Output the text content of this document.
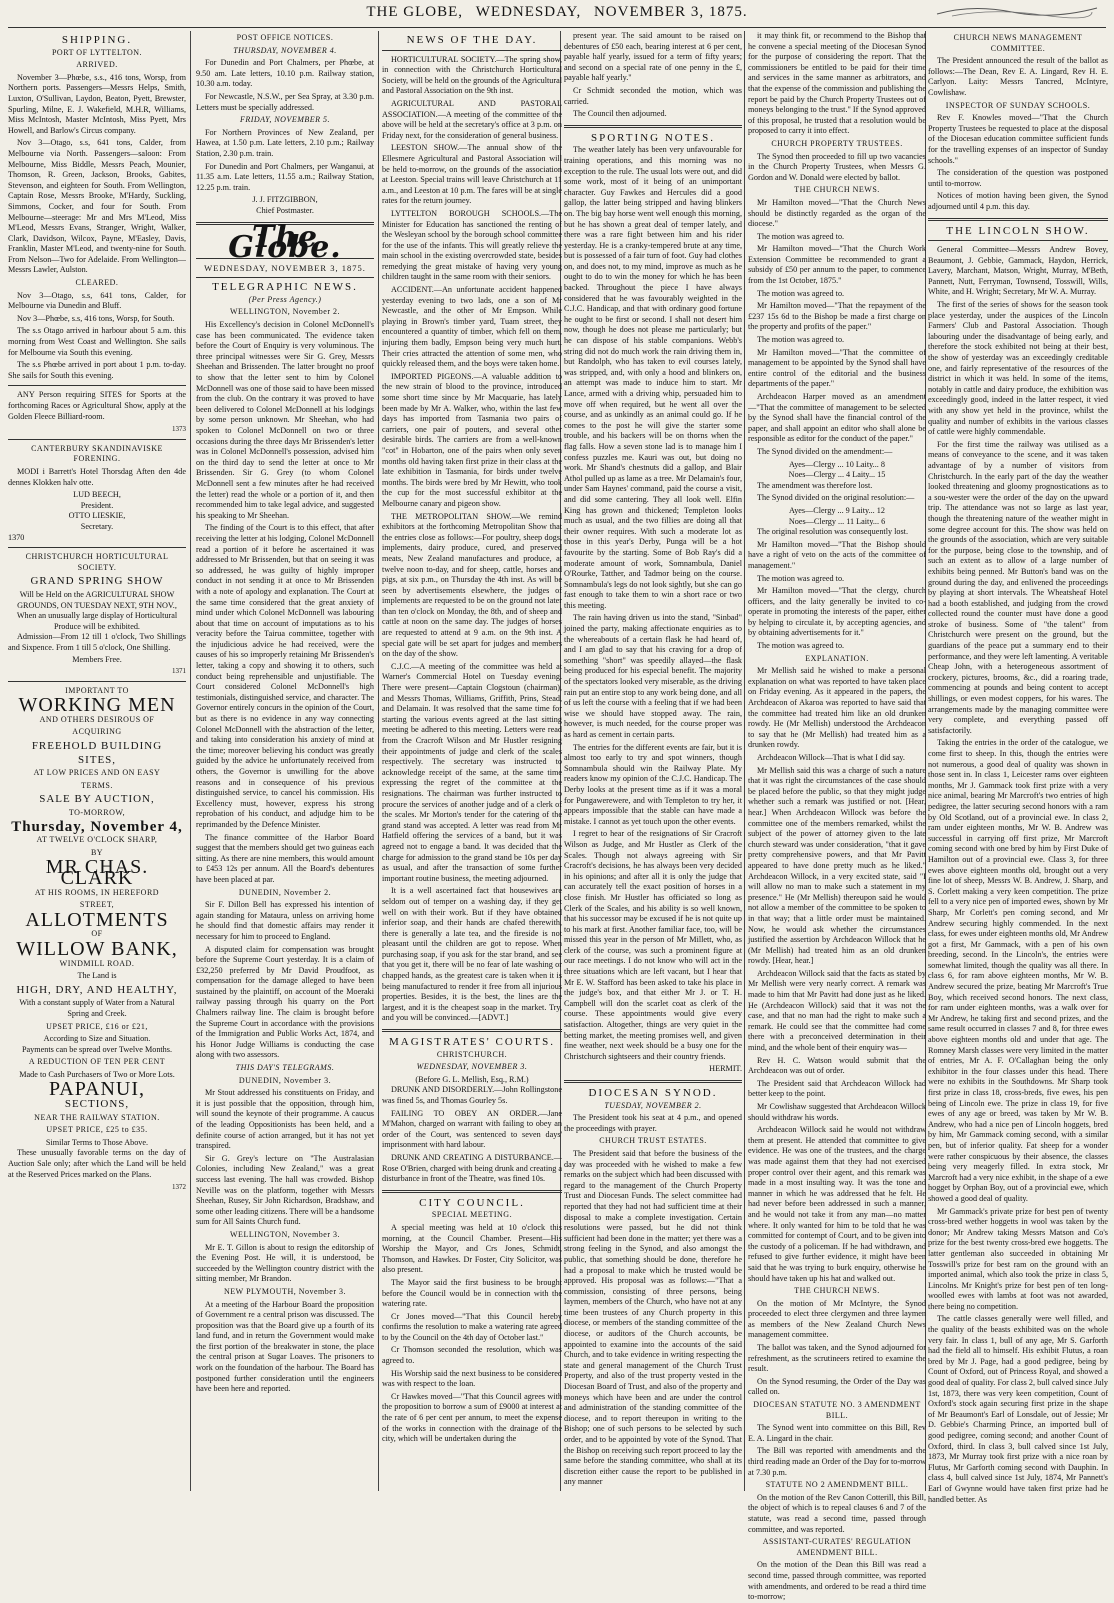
THE GLOBE, WEDNESDAY, NOVEMBER 3, 1875.
SHIPPING.
PORT OF LYTTELTON.
ARRIVED.

November 3—Phœbe, s.s., 416 tons, Worsp, from Northern ports. Passengers—Messrs Helps, Smith, Luxton, O'Sullivan, Laydon, Beaton, Pyett, Brewster, Spurling, Milne, E. J. Wakefield, M.H.R, Williams, Miss McIntosh, Master McIntosh, Miss Pyett, Mrs Howell, and Barlow's Circus company.

Nov 3—Otago, s.s, 641 tons, Calder, from Melbourne via North. Passengers—saloon: From Melbourne, Miss Biddle, Messrs Peach, Mounier, Thomson, R. Green, Jackson, Brooks, Gabites, Stevenson, and eighteen for South. From Wellington, Captain Rose, Messrs Brooke, M'Hardy, Suckling, Simmons, Cocker, and four for South. From Melbourne—steerage: Mr and Mrs M'Leod, Miss M'Leod, Messrs Evans, Stranger, Wright, Walker, Clark, Davidson, Wilcox, Payne, M'Easley, Davis, Franklin, Master M'Leod, and twenty-nine for South. From Nelson—Two for Adelaide. From Wellington—Messrs Lawler, Aulston.

CLEARED.

Nov 3—Otago, s.s, 641 tons, Calder, for Melbourne via Dunedin and Bluff.

Nov 3—Phœbe, s.s, 416 tons, Worsp, for South.

The s.s Otago arrived in harbour about 5 a.m. this morning from West Coast and Wellington. She sails for Melbourne via South this evening.

The s.s Phœbe arrived in port about 1 p.m. to-day. She sails for South this evening.

ANY Person requiring SITES for Sports at the forthcoming Races or Agricultural Show, apply at the Golden Fleece Billiard-room.

1373
CANTERBURY SKANDINAVISKE FORENING.

MODI i Barrett's Hotel Thorsdag Aften den 4de dennes Klokken halv otte.

LUD BEECH,
President.
OTTO LIESKIE,
Secretary.
1370
CHRISTCHURCH HORTICULTURAL SOCIETY.
GRAND SPRING SHOW
Will be Held on the AGRICULTURAL SHOW GROUNDS, ON TUESDAY NEXT, 9TH NOV.,
When an unusually large display of Horticultural Produce will be exhibited.

Admission—From 12 till 1 o'clock, Two Shillings and Sixpence. From 1 till 5 o'clock, One Shilling.

Members Free.
1371
IMPORTANT TO
WORKING MEN
AND OTHERS DESIROUS OF
ACQUIRING
FREEHOLD BUILDING
SITES,
AT LOW PRICES AND ON EASY
TERMS.
SALE BY AUCTION,
TO-MORROW,
Thursday, November 4,
AT TWELVE O'CLOCK SHARP,
BY
MR CHAS. CLARK
AT HIS ROOMS, IN HEREFORD
STREET,
ALLOTMENTS
OF
WILLOW BANK,
WINDMILL ROAD.
The Land is
HIGH, DRY, AND HEALTHY,
With a constant supply of Water from a Natural Spring and Creek.
UPSET PRICE, £16 or £21,
According to Size and Situation.
Payments can be spread over Twelve Months.
A REDUCTION OF TEN PER CENT
Made to Cash Purchasers of Two or More Lots.
PAPANUI,
SECTIONS,
NEAR THE RAILWAY STATION.
UPSET PRICE, £25 to £35.
Similar Terms to Those Above.

These unusually favorable terms on the day of Auction Sale only; after which the Land will be held at the Reserved Prices marked on the Plans.

1372
POST OFFICE NOTICES.
THURSDAY, NOVEMBER 4.

For Dunedin and Port Chalmers, per Phœbe, at 9.50 am. Late letters, 10.10 p.m. Railway station, 10.30 a.m. today.

For Newcastle, N.S.W., per Sea Spray, at 3.30 p.m. Letters must be specially addressed.

FRIDAY, NOVEMBER 5.

For Northern Provinces of New Zealand, per Hawea, at 1.50 p.m. Late letters, 2.10 p.m.; Railway Station, 2.30 p.m. train.

For Dunedin and Port Chalmers, per Wanganui, at 11.35 a.m. Late letters, 11.55 a.m.; Railway Station, 12.25 p.m. train.

J. J. FITZGIBBON,
Chief Postmaster.
The Globe.
WEDNESDAY, NOVEMBER 3, 1875.
TELEGRAPHIC NEWS.
(Per Press Agency.)
WELLINGTON, November 2.

His Excellency's decision in Colonel McDonnell's case has been communicated. The evidence taken before the Court of Enquiry is very voluminous. The three principal witnesses were Sir G. Grey, Messrs Sheehan and Brissenden. The latter brought no proof to show that the letter sent to him by Colonel McDonnell was one of those said to have been missed from the club. On the contrary it was proved to have been delivered to Colonel McDonnell at his lodgings by some person unknown. Mr Sheehan, who had spoken to Colonel McDonnell on two or three occasions during the three days Mr Brissenden's letter was in Colonel McDonnell's possession, advised him on the third day to send the letter at once to Mr Brissenden. Sir G. Grey (to whom Colonel McDonnell sent a few minutes after he had received the letter) read the whole or a portion of it, and then recommended him to take legal advice, and suggested his speaking to Mr Sheehan.

The finding of the Court is to this effect, that after receiving the letter at his lodging, Colonel McDonnell read a portion of it before he ascertained it was addressed to Mr Brissenden, but that on seeing it was so addressed, he was guilty of highly improper conduct in not sending it at once to Mr Brissenden with a note of apology and explanation. The Court at the same time considered that the great anxiety of mind under which Colonel McDonnell was labouring about that time on account of imputations as to his veracity before the Tairua committee, together with the injudicious advice he had received, were the causes of his so improperly retaining Mr Brissenden's letter, taking a copy and showing it to others, such conduct being reprehensible and unjustifiable. The Court considered Colonel McDonnell's high testimonials, distinguished service, and character. The Governor entirely concurs in the opinion of the Court, but as there is no evidence in any way connecting Colonel McDonnell with the abstraction of the letter, and taking into consideration his anxiety of mind at the time; moreover believing his conduct was greatly guided by the advice he unfortunately received from others, the Governor is unwilling for the above reasons and in consequence of his previous distinguished service, to cancel his commission. His Excellency must, however, express his strong reprobation of his conduct, and adjudge him to be reprimanded by the Defence Minister.

The finance committee of the Harbor Board suggest that the members should get two guineas each sitting. As there are nine members, this would amount to £453 12s per annum. All the Board's debentures have been placed at par.

DUNEDIN, November 2.

Sir F. Dillon Bell has expressed his intention of again standing for Mataura, unless on arriving home he should find that domestic affairs may render it necessary for him to proceed to England.

A disputed claim for compensation was brought before the Supreme Court yesterday. It is a claim of £32,250 preferred by Mr David Proudfoot, as compensation for the damage alleged to have been sustained by the plaintiff, on account of the Moeraki railway passing through his quarry on the Port Chalmers railway line. The claim is brought before the Supreme Court in accordance with the provisions of the Immigration and Public Works Act, 1874, and his Honor Judge Williams is conducting the case along with two assessors.

THIS DAY'S TELEGRAMS.
DUNEDIN, November 3.

Mr Stout addressed his constituents on Friday, and it is just possible that the opposition, through him, will sound the keynote of their programme. A caucus of the leading Oppositionists has been held, and a definite course of action arranged, but it has not yet transpired.

Sir G. Grey's lecture on "The Australasian Colonies, including New Zealand," was a great success last evening. The hall was crowded. Bishop Neville was on the platform, together with Messrs Sheehan, Rusey, Sir John Richardson, Bradshaw, and some other leading citizens. There will be a handsome sum for All Saints Church fund.

WELLINGTON, November 3.

Mr E. T. Gillon is about to resign the editorship of the Evening Post. He will, it is understood, be succeeded by the Wellington country district with the sitting member, Mr Brandon.

NEW PLYMOUTH, November 3.

At a meeting of the Harbour Board the proposition of Government re a central prison was discussed. The proposition was that the Board give up a fourth of its land fund, and in return the Government would make the first portion of the breakwater in stone, the place the central prison at Sugar Loaves. The prisoners to work on the foundation of the harbour. The Board has postponed further consideration until the engineers have been here and reported.

NEWS OF THE DAY.

HORTICULTURAL SOCIETY.—The spring show, in connection with the Christchurch Horticultural Society, will be held on the grounds of the Agricultural and Pastoral Association on the 9th inst.

AGRICULTURAL AND PASTORAL ASSOCIATION.—A meeting of the committee of the above will be held at the secretary's office at 3 p.m. on Friday next, for the consideration of general business.

LEESTON SHOW.—The annual show of the Ellesmere Agricultural and Pastoral Association will be held to-morrow, on the grounds of the association at Leeston. Special trains will leave Christchurch at 11 a.m., and Leeston at 10 p.m. The fares will be at single rates for the return journey.

LYTTELTON BOROUGH SCHOOLS.—The Minister for Education has sanctioned the renting of the Wesleyan school by the borough school committee for the use of the infants. This will greatly relieve the main school in the existing overcrowded state, besides remedying the great mistake of having very young children taught in the same room with their seniors.

ACCIDENT.—An unfortunate accident happened yesterday evening to two lads, one a son of Mr Newcastle, and the other of Mr Empson. While playing in Brown's timber yard, Tuam street, they encountered a quantity of timber, which fell on them, injuring them badly, Empson being very much hurt. Their cries attracted the attention of some men, who quickly released them, and the boys were taken home.

IMPORTED PIGEONS.—A valuable addition to the new strain of blood to the province, introduced some short time since by Mr Macquarie, has lately been made by Mr A. Walker, who, within the last few days has imported from Tasmania two pairs of carriers, one pair of pouters, and several other desirable birds. The carriers are from a well-known "cot" in Hobarton, one of the pairs when only seven months old having taken first prize in their class at the late exhibition in Tasmania, for birds under twelve months. The birds were bred by Mr Hewitt, who took the cup for the most successful exhibitor at the Melbourne canary and pigeon show.

THE METROPOLITAN SHOW.—We remind exhibitors at the forthcoming Metropolitan Show that the entries close as follows:—For poultry, sheep dogs, implements, dairy produce, cured, and preserved meats, New Zealand manufactures and produce, at twelve noon to-day, and for sheep, cattle, horses and pigs, at six p.m., on Thursday the 4th inst. As will be seen by advertisements elsewhere, the judges of implements are requested to be on the ground not later than ten o'clock on Monday, the 8th, and of sheep and cattle at noon on the same day. The judges of horses are requested to attend at 9 a.m. on the 9th inst. A special gate will be set apart for judges and members on the day of the show.

C.J.C.—A meeting of the committee was held at Warner's Commercial Hotel on Tuesday evening. There were present—Captain Clogstoun (chairman), and Messrs Thomas, Williams, Griffith, Prins, Stead, and Delamain. It was resolved that the same time for starting the various events agreed at the last sitting meeting be adhered to this meeting. Letters were read from the Cracroft Wilson and Mr Hustler resigning their appointments of judge and clerk of the scales respectively. The secretary was instructed to acknowledge receipt of the same, at the same time expressing the regret of the committee at the resignations. The chairman was further instructed to procure the services of another judge and of a clerk of the scales. Mr Morton's tender for the catering of the grand stand was accepted. A letter was read from Mr Hatfield offering the services of a band, but it was agreed not to engage a band. It was decided that the charge for admission to the grand stand be 10s per day as usual, and after the transaction of some further important routine business, the meeting adjourned.

It is a well ascertained fact that housewives are seldom out of temper on a washing day, if they get well on with their work. But if they have obtained inferior soap, and their hands are chafed therewith, there is generally a late tea, and the fireside is not pleasant until the children are got to repose. When purchasing soap, if you ask for the star brand, and see that you get it, there will be no fear of late washing or chapped hands, as the greatest care is taken when it is being manufactured to render it free from all injurious properties. Besides, it is the best, the lines are the largest, and it is the cheapest soap in the market. Try, and you will be convinced.—[ADVT.]

MAGISTRATES' COURTS.
CHRISTCHURCH.
WEDNESDAY, NOVEMBER 3.
(Before G. L. Mellish, Esq., R.M.)

DRUNK AND DISORDERLY.—John Rollingstone was fined 5s, and Thomas Gourley 5s.

FAILING TO OBEY AN ORDER.—Jane M'Mahon, charged on warrant with failing to obey an order of the Court, was sentenced to seven days' imprisonment with hard labour.

DRUNK AND CREATING A DISTURBANCE.—Rose O'Brien, charged with being drunk and creating a disturbance in front of the Theatre, was fined 10s.

CITY COUNCIL.
SPECIAL MEETING.

A special meeting was held at 10 o'clock this morning, at the Council Chamber. Present—His Worship the Mayor, and Crs Jones, Schmidt, Thomson, and Hawkes. Dr Foster, City Solicitor, was also present.

The Mayor said the first business to be brought before the Council would be in connection with the watering rate.

Cr Jones moved—"That this Council hereby confirms the resolution to make a watering rate agreed to by the Council on the 4th day of October last."

Cr Thomson seconded the resolution, which was agreed to.

His Worship said the next business to be considered was with respect to the loan.

Cr Hawkes moved—"That this Council agrees with the proposition to borrow a sum of £9000 at interest at the rate of 6 per cent per annum, to meet the expense of the works in connection with the drainage of the city, which will be undertaken during the

present year. The said amount to be raised on debentures of £50 each, bearing interest at 6 per cent, payable half yearly, issued for a term of fifty years; and second on a special rate of one penny in the £, payable half yearly."

Cr Schmidt seconded the motion, which was carried.

The Council then adjourned.

SPORTING NOTES.

The weather lately has been very unfavourable for training operations, and this morning was no exception to the rule. The usual lots were out, and did some work, most of it being of an unimportant character. Guy Fawkes and Hercules did a good gallop, the latter being stripped and having blinkers on. The big bay horse went well enough this morning, but he has shown a great deal of temper lately, and there was a rare fight between him and his rider yesterday. He is a cranky-tempered brute at any time, but is possessed of a fair turn of foot. Guy had clothes on, and does not, to my mind, improve as much as he ought to do to win the money for which he has been backed. Throughout the piece I have always considered that he was favourably weighted in the C.J.C. Handicap, and that with ordinary good fortune he ought to be first or second. I shall not desert him now, though he does not please me particularly; but he can dispose of his stable companions. Webb's string did not do much work the rain driving them in, but Randolph, who has taken to evil courses lately, was stripped, and, with only a hood and blinkers on, an attempt was made to induce him to start. Mr Lance, armed with a driving whip, persuaded him to move off when required, but he went all over the course, and as unkindly as an animal could go. If he comes to the post he will give the starter some trouble, and his backers will be on thorns when the flag falls. How a seven stone lad is to manage him I confess puzzles me. Kauri was out, but doing no work. Mr Shand's chestnuts did a gallop, and Blair Athol pulled up as lame as a tree. Mr Delamain's four, under Sam Haynes' command, paid the course a visit, and did some cantering. They all look well. Elfin King has grown and thickened; Templeton looks much as usual, and the two fillies are doing all that their owner requires. With such a moderate lot as those in this year's Derby, Punga will be a hot favourite by the starting. Some of Bob Ray's did a moderate amount of work, Somnambula, Daniel O'Rourke, Tatther, and Tadmor being on the course. Somnambula's legs do not look sightly, but she can go fast enough to take them to win a short race or two this meeting.

The rain having driven us into the stand, "Sinbad" joined the party, making affectionate enquiries as to the whereabouts of a certain flask he had heard of, and I am glad to say that his craving for a drop of something "short" was speedily allayed—the flask being produced for his especial benefit. The majority of the spectators looked very miserable, as the driving rain put an entire stop to any work being done, and all of us left the course with a feeling that if we had been wise we should have stopped away. The rain, however, is much needed, for the course proper was as hard as cement in certain parts.

The entries for the different events are fair, but it is almost too early to try and spot winners, though Somnambula should win the Railway Plate. My readers know my opinion of the C.J.C. Handicap. The Derby looks at the present time as if it was a moral for Pungawerewere, and with Templeton to try her, it appears impossible that the stable can have made a mistake. I cannot as yet touch upon the other events.

I regret to hear of the resignations of Sir Cracroft Wilson as Judge, and Mr Hustler as Clerk of the Scales. Though not always agreeing with Sir Cracroft's decisions, he has always been very decided in his opinions; and after all it is only the judge that can accurately tell the exact position of horses in a close finish. Mr Hustler has officiated so long as Clerk of the Scales, and his ability is so well known, that his successor may be excused if he is not quite up to his mark at first. Another familiar face, too, will be missed this year in the person of Mr Millett, who, as clerk of the course, was such a prominent figure at our race meetings. I do not know who will act in the three situations which are left vacant, but I hear that Mr E. W. Stafford has been asked to take his place in the judge's box, and that either Mr J. or T. H. Campbell will don the scarlet coat as clerk of the course. These appointments would give every satisfaction. Altogether, things are very quiet in the betting market, the meeting promises well, and given fine weather, next week should be a busy one for the Christchurch sightseers and their country friends.

HERMIT.
DIOCESAN SYNOD.
TUESDAY, NOVEMBER 2.

The President took his seat at 4 p.m., and opened the proceedings with prayer.

CHURCH TRUST ESTATES.

The President said that before the business of the day was proceeded with he wished to make a few remarks on the subject which had been discussed with regard to the management of the Church Property Trust and Diocesan Funds. The select committee had reported that they had not had sufficient time at their disposal to make a complete investigation. Certain resolutions were passed, but he did not think sufficient had been done in the matter; yet there was a strong feeling in the Synod, and also amongst the public, that something should be done, therefore he had a proposal to make which he trusted would be approved. His proposal was as follows:—"That a commission, consisting of three persons, being laymen, members of the Church, who have not at any time been trustees of any Church property in this diocese, or members of the standing committee of the diocese, or auditors of the Church accounts, be appointed to examine into the accounts of the said Church, and to take evidence in writing respecting the state and general management of the Church Trust Property, and also of the trust property vested in the Diocesan Board of Trust, and also of the property and moneys which have been and are under the control and administration of the standing committee of the diocese, and to report thereupon in writing to the Bishop; one of such persons to be selected by such order, and to be appointed by vote of the Synod. That the Bishop on receiving such report proceed to lay the same before the standing committee, who shall at its discretion either cause the report to be published in any manner

it may think fit, or recommend to the Bishop that he convene a special meeting of the Diocesan Synod for the purpose of considering the report. That the commissioners be entitled to be paid for their time and services in the same manner as arbitrators, and that the expense of the commission and publishing the report be paid by the Church Property Trustees out of moneys belonging to the trust." If the Synod approved of this proposal, he trusted that a resolution would be proposed to carry it into effect.

CHURCH PROPERTY TRUSTEES.

The Synod then proceeded to fill up two vacancies in the Church Property Trustees, when Messrs G. Gordon and W. Donald were elected by ballot.

THE CHURCH NEWS.

Mr Hamilton moved—"That the Church News should be distinctly regarded as the organ of the diocese."

The motion was agreed to.

Mr Hamilton moved—"That the Church Work Extension Committee be recommended to grant a subsidy of £50 per annum to the paper, to commence from the 1st October, 1875."

The motion was agreed to.

Mr Hamilton moved—"That the repayment of the £237 15s 6d to the Bishop be made a first charge on the property and profits of the paper."

The motion was agreed to.

Mr Hamilton moved—"That the committee of management to be appointed by the Synod shall have entire control of the editorial and the business departments of the paper."

Archdeacon Harper moved as an amendment—"That the committee of management to be selected by the Synod shall have the financial control of the paper, and shall appoint an editor who shall alone be responsible as editor for the conduct of the paper."

The Synod divided on the amendment:—

Ayes—Clergy ... 10 Laity... 8
Noes—Clergy ... 4 Laity... 15

The amendment was therefore lost.

The Synod divided on the original resolution:—

Ayes—Clergy ... 9 Laity... 12
Noes—Clergy ... 11 Laity... 6

The original resolution was consequently lost.

Mr Hamilton moved—"That the Bishop should have a right of veto on the acts of the committee of management."

The motion was agreed to.

Mr Hamilton moved—"That the clergy, church officers, and the laity generally be invited to co-operate in promoting the interests of the paper, either by helping to circulate it, by accepting agencies, and by obtaining advertisements for it."

The motion was agreed to.

EXPLANATION.

Mr Mellish said he wished to make a personal explanation on what was reported to have taken place on Friday evening. As it appeared in the papers, the Archdeacon of Akaroa was reported to have said that the committee had treated him like an old drunken rowdy. He (Mr Mellish) understood the Archdeacon to say that he (Mr Mellish) had treated him as a drunken rowdy.

Archdeacon Willock—That is what I did say.

Mr Mellish said this was a charge of such a nature that it was right the circumstances of the case should be placed before the public, so that they might judge whether such a remark was justified or not. [Hear, hear.] When Archdeacon Willock was before the committee one of the members remarked, whilst the subject of the power of attorney given to the late church steward was under consideration, "that it gave pretty comprehensive powers, and that Mr Pavitt appeared to have done pretty much as he liked." Archdeacon Willock, in a very excited state, said "I will allow no man to make such a statement in my presence." He (Mr Mellish) thereupon said he would not allow a member of the committee to be spoken to in that way; that a little order must be maintained. Now, he would ask whether the circumstances justified the assertion by Archdeacon Willock that he (Mr Mellish) had treated him as an old drunken rowdy. [Hear, hear.]

Archdeacon Willock said that the facts as stated by Mr Mellish were very nearly correct. A remark was made to him that Mr Pavitt had done just as he liked. He (Archdeacon Willock) said that it was not the case, and that no man had the right to make such a remark. He could see that the committee had come there with a preconceived determination in their mind, and the whole bent of their enquiry was—

Rev H. C. Watson would submit that the Archdeacon was out of order.

The President said that Archdeacon Willock had better keep to the point.

Mr Cowlishaw suggested that Archdeacon Willock should withdraw his words.

Archdeacon Willock said he would not withdraw them at present. He attended that committee to give evidence. He was one of the trustees, and the charge was made against them that they had not exercised proper control over their agent, and this remark was made in a most insulting way. It was the tone and manner in which he was addressed that he felt. He had never before been addressed in such a manner, and he would not take it from any man—no matter where. It only wanted for him to be told that he was committed for contempt of Court, and to be given into the custody of a policeman. If he had withdrawn, and refused to give further evidence, it might have been said that he was trying to burk enquiry, otherwise he should have taken up his hat and walked out.

THE CHURCH NEWS.

On the motion of Mr McIntyre, the Synod proceeded to elect three clergymen and three laymen as members of the New Zealand Church News management committee.

The ballot was taken, and the Synod adjourned for refreshment, as the scrutineers retired to examine the result.

On the Synod resuming, the Order of the Day was called on.

DIOCESAN STATUTE NO. 3 AMENDMENT BILL.

The Synod went into committee on this Bill, Rev E. A. Lingard in the chair.

The Bill was reported with amendments and the third reading made an Order of the Day for to-morrow at 7.30 p.m.

STATUTE NO 2 AMENDMENT BILL.

On the motion of the Rev Canon Cotterill, this Bill, the object of which is to repeal clauses 6 and 7 of the statute, was read a second time, passed through committee, and was reported.

ASSISTANT-CURATES' REGULATION AMENDMENT BILL.

On the motion of the Dean this Bill was read a second time, passed through committee, was reported with amendments, and ordered to be read a third time to-morrow;

CHURCH NEWS MANAGEMENT COMMITTEE.

The President announced the result of the ballot as follows:—The Dean, Rev E. A. Lingard, Rev H. E. Carlyon. Laity: Messrs Tancred, McIntyre, Cowlishaw.

INSPECTOR OF SUNDAY SCHOOLS.

Rev F. Knowles moved—"That the Church Property Trustees be requested to place at the disposal of the Diocesan education committee sufficient funds for the travelling expenses of an inspector of Sunday schools."

The consideration of the question was postponed until to-morrow.

Notices of motion having been given, the Synod adjourned until 4 p.m. this day.

THE LINCOLN SHOW.

General Committee—Messrs Andrew Bovey, Beaumont, J. Gebbie, Gammack, Haydon, Herrick, Lavery, Marchant, Matson, Wright, Murray, M'Beth, Pannett, Nutt, Ferryman, Townsend, Tosswill, Wills, White, and H. Wright; Secretary, Mr W. A. Murray.

The first of the series of shows for the season took place yesterday, under the auspices of the Lincoln Farmers' Club and Pastoral Association. Though labouring under the disadvantage of being early, and therefore the stock exhibited not being at their best, the show of yesterday was an exceedingly creditable one, and fairly representative of the resources of the district in which it was held. In some of the items, notably in cattle and dairy produce, the exhibition was exceedingly good, indeed in the latter respect, it vied with any show yet held in the province, whilst the quality and number of exhibits in the various classes of cattle were highly commendable.

For the first time the railway was utilised as a means of conveyance to the scene, and it was taken advantage of by a number of visitors from Christchurch. In the early part of the day the weather looked threatening and gloomy prognostications as to a sou-wester were the order of the day on the upward trip. The attendance was not so large as last year, though the threatening nature of the weather might in some degree account for this. The show was held on the grounds of the association, which are very suitable for the purpose, being close to the township, and of such an extent as to allow of a large number of exhibits being penned. Mr Button's band was on the ground during the day, and enlivened the proceedings by playing at short intervals. The Wheatsheaf Hotel had a booth established, and judging from the crowd collected round the counter must have done a good stroke of business. Some of "the talent" from Christchurch were present on the ground, but the guardians of the peace put a summary end to their performance, and they were left lamenting. A veritable Cheap John, with a heterogeneous assortment of crockery, pictures, brooms, &c., did a roaring trade, commencing at pounds and being content to accept shillings, or even modest coppers, for his wares. The arrangements made by the managing committee were very complete, and everything passed off satisfactorily.

Taking the entries in the order of the catalogue, we come first to sheep. In this, though the entries were not numerous, a good deal of quality was shown in those sent in. In class 1, Leicester rams over eighteen months, Mr J. Gammack took first prize with a very nice animal, bearing Mr Marcroft's two entries of high pedigree, the latter securing second honors with a ram by Old Scotland, out of a provincial ewe. In class 2, ram under eighteen months, Mr W. B. Andrew was successful in carrying off first prize, Mr Marcroft coming second with one bred by him by First Duke of Hamilton out of a provincial ewe. Class 3, for three ewes above eighteen months old, brought out a very fine lot of sheep, Messrs W. B. Andrew, J. Sharp, and S. Corlett making a very keen competition. The prize fell to a very nice pen of imported ewes, shown by Mr Sharp, Mr Corlett's pen coming second, and Mr Andrew securing highly commended. In the next class, for ewes under eighteen months old, Mr Andrew got a first, Mr Gammack, with a pen of his own breeding, second. In the Lincoln's, the entries were somewhat limited, though the quality was all there. In class 6, for ram above eighteen months, Mr W. B. Andrew secured the prize, beating Mr Marcroft's True Boy, which received second honors. The next class, for ram under eighteen months, was a walk over for Mr Andrew, he taking first and second prizes, and the same result occurred in classes 7 and 8, for three ewes above eighteen months old and under that age. The Romney Marsh classes were very limited in the matter of entries, Mr A. F. O'Callaghan being the only exhibitor in the four classes under this head. There were no exhibits in the Southdowns. Mr Sharp took first prize in class 18, cross-breds, five ewes, his pen being of Lincoln ewe. The prize in class 19, for five ewes of any age or breed, was taken by Mr W. B. Andrew, who had a nice pen of Lincoln hoggets, bred by him, Mr Gammack coming second, with a similar pen, but of inferior quality. Fat sheep for a wonder were rather conspicuous by their absence, the classes being very meagerly filled. In extra stock, Mr Marcroft had a very nice exhibit, in the shape of a ewe hogget by Orphan Boy, out of a provincial ewe, which showed a good deal of quality.

Mr Gammack's private prize for best pen of twenty cross-bred wether hoggetts in wool was taken by the donor; Mr Andrew taking Messrs Matson and Co's prize for the best twenty cross-bred ewe hoggetts. The latter gentleman also succeeded in obtaining Mr Tosswill's prize for best ram on the ground with an imported animal, which also took the prize in class 5, Lincolns. Mr Knight's prize for best pen of ten long-woolled ewes with lambs at foot was not awarded, there being no competition.

The cattle classes generally were well filled, and the quality of the beasts exhibited was on the whole very fair. In class 1, bull of any age, Mr S. Garforth had the field all to himself. His exhibit Flutus, a roan bred by Mr J. Page, had a good pedigree, being by Count of Oxford, out of Princess Royal, and showed a good deal of quality. For class 2, bull calved since July 1st, 1873, there was very keen competition, Count of Oxford's stock again securing first prize in the shape of Mr Beaumont's Earl of Lonsdale, out of Jessie; Mr D. Gebbie's Charming Prince, an imported bull of good pedigree, coming second; and another Count of Oxford, third. In class 3, bull calved since 1st July, 1873, Mr Murray took first prize with a nice roan by Flutus, Mr Garforth coming second with Dauphin. In class 4, bull calved since 1st July, 1874, Mr Pannett's Earl of Gwynne would have taken first prize had he handled better. As
